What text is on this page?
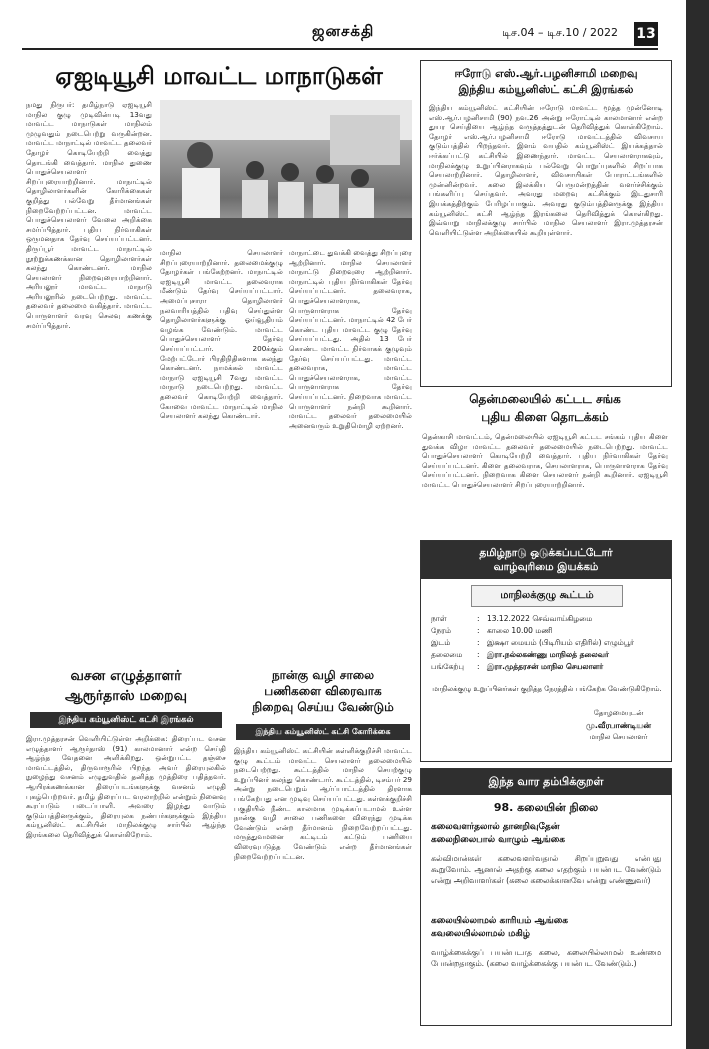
ஜனசக்தி	டிச.04 – டிச.10 / 2022 13
ஏஐடியூசி மாவட்ட மாநாடுகள்
நமது நிருபர்: தமிழ்நாடு ஏஐடியூசி மாநில குழு முடிவின்படி 13வது மாவட்ட மாநாடுகள் மாநிலம் முழுவதும் நடைபெற்று வருகின்றன. மாவட்ட மாநாட்டில் மாவட்ட தலைவர் தோழர் கொடியேற்றி வைத்து தொடங்கி வைத்தார். மாநில துணை பொதுச்செயலாளர் சிறப்புரையாற்றினார். மாநாட்டில் தொழிலாளர்களின் கோரிக்கைகள் குறித்து பல்வேறு தீர்மானங்கள் நிறைவேற்றப்பட்டன. மாவட்ட பொதுச்செயலாளர் வேலை அறிக்கை சமர்ப்பித்தார். புதிய நிர்வாகிகள் ஒருமனதாக தேர்வு செய்யப்பட்டனர். திருப்பூர் மாவட்ட மாநாட்டில் நூற்றுக்கணக்கான தொழிலாளர்கள் கலந்து கொண்டனர். மாநில செயலாளர் நிறைவுரையாற்றினார். அரியலூர் மாவட்ட மாநாடு அரியலூரில் நடைபெற்றது. மாவட்ட தலைவர் தலைமை வகித்தார். மாவட்ட பொருளாளர் வரவு செலவு கணக்கு சமர்ப்பித்தார்.
மாநில செயலாளர் சிறப்புரையாற்றினார். தலைமைக்குழு தோழர்கள் பங்கேற்றனர். மாநாட்டில் ஏஐடியூசி மாவட்ட தலைவராக மீண்டும் தேர்வு செய்யப்பட்டார். அமைப்புசாரா தொழிலாளர் நலவாரியத்தில் பதிவு செய்துள்ள தொழிலாளர்களுக்கு ஓய்வூதியம் வழங்க வேண்டும். மாவட்ட பொதுச்செயலாளர் தேர்வு செய்யப்பட்டார். 200க்கும் மேற்பட்டோர் பிரதிநிதிகளாக கலந்து கொண்டனர். நாமக்கல் மாவட்ட மாநாடு ஏஐடியூசி 7வது மாவட்ட மாநாடு நடைபெற்றது. மாவட்ட தலைவர் கொடியேற்றி வைத்தார். கோவை மாவட்ட மாநாட்டில் மாநில செயலாளர் கலந்து கொண்டார்.
மாநாட்டை துவக்கி வைத்து சிறப்புரை ஆற்றினார். மாநில செயலாளர் மாநாட்டு நிறைவுரை ஆற்றினார். மாநாட்டில் புதிய நிர்வாகிகள் தேர்வு செய்யப்பட்டனர். தலைவராக, பொதுச்செயலாளராக, பொருளாளராக தேர்வு செய்யப்பட்டனர். மாநாட்டில் 42 பேர் கொண்ட புதிய மாவட்ட குழு தேர்வு செய்யப்பட்டது. அதில் 13 பேர் கொண்ட மாவட்ட நிர்வாகக் குழுவும் தேர்வு செய்யப்பட்டது. மாவட்ட தலைவராக, மாவட்ட பொதுச்செயலாளராக, மாவட்ட பொருளாளராக தேர்வு செய்யப்பட்டனர். நிறைவாக மாவட்ட பொருளாளர் நன்றி கூறினார். மாவட்ட தலைவர் தலைமையில் அனைவரும் உறுதிமொழி ஏற்றனர்.
ஈரோடு எஸ்.ஆர்.பழனிசாமி மறைவு
இந்திய கம்யூனிஸ்ட் கட்சி இரங்கல்
இந்திய கம்யூனிஸ்ட் கட்சியின் ஈரோடு மாவட்ட மூத்த முன்னோடி எஸ்.ஆர்.பழனிசாமி (90) நவ.26 அன்று ஈரோட்டில் காலமானார் என்ற துயர செய்தியை ஆழ்ந்த வருத்தத்துடன் தெரிவித்துக் கொள்கிறோம். தோழர் எஸ்.ஆர்.பழனிசாமி ஈரோடு மாவட்டத்தில் விவசாய குடும்பத்தில் பிறந்தவர். இளம் வயதில் கம்யூனிஸ்ட் இயக்கத்தால் ஈர்க்கப்பட்டு கட்சியில் இணைந்தார். மாவட்ட செயலாளராகவும், மாநிலக்குழு உறுப்பினராகவும் பல்வேறு பொறுப்புகளில் சிறப்பாக செயலாற்றினார். தொழிலாளர், விவசாயிகள் போராட்டங்களில் முன்னின்றவர். கலை இலக்கிய பெருமன்றத்தின் வளர்ச்சிக்கும் பங்களிப்பு செய்தவர். அவரது மறைவு கட்சிக்கும் இடதுசாரி இயக்கத்திற்கும் பேரிழப்பாகும். அவரது குடும்பத்தினருக்கு இந்திய கம்யூனிஸ்ட் கட்சி ஆழ்ந்த இரங்கலை தெரிவித்துக் கொள்கிறது. இவ்வாறு மாநிலக்குழு சார்பில் மாநில செயலாளர் இரா.முத்தரசன் வெளியிட்டுள்ள அறிக்கையில் கூறியுள்ளார்.
தென்மலையில் கட்டட சங்க
புதிய கிளை தொடக்கம்
தென்காசி மாவட்டம், தென்மலையில் ஏஐடியூசி கட்டட சங்கம் புதிய கிளை துவக்க விழா மாவட்ட தலைவர் தலைமையில் நடைபெற்றது. மாவட்ட பொதுச்செயலாளர் கொடியேற்றி வைத்தார். புதிய நிர்வாகிகள் தேர்வு செய்யப்பட்டனர். கிளை தலைவராக, செயலாளராக, பொருளாளராக தேர்வு செய்யப்பட்டனர். நிறைவாக கிளை செயலாளர் நன்றி கூறினார். ஏஐடியூசி மாவட்ட பொதுச்செயலாளர் சிறப்புரையாற்றினார்.
தமிழ்நாடு ஒடுக்கப்பட்டோர்
வாழ்வுரிமை இயக்கம்
மாநிலக்குழு கூட்டம்
நாள்	: 13.12.2022 செவ்வாய்கிழமை
நேரம்	: காலை 10.00 மணி
இடம்	: இக்ஷா மையம் (பிடிரியம் எதிரில்) எழும்பூர்
தலைமை	: இரா.நல்லகண்ணு மாநிலத் தலைவர்
பங்கேற்பு	: இரா.முத்தரசன் மாநில செயலாளர்
மாநிலக்குழு உறுப்பினர்கள் குறித்த நேரத்தில் பங்கேற்க வேண்டுகிறோம்.
தோழமையுடன்
மு.வீரபாண்டியன்
மாநில செயலாளர்
வசன எழுத்தாளர்
ஆரூர்தாஸ் மறைவு
இந்திய கம்யூனிஸ்ட் கட்சி இரங்கல்
இரா.முத்தரசன் வெளியிட்டுள்ள அறிக்கை: திரைப்பட வசன எழுத்தாளர் ஆரூர்தாஸ் (91) காலமானார் என்ற செய்தி ஆழ்ந்த வேதனை அளிக்கிறது. ஒன்றுபட்ட தஞ்சை மாவட்டத்தில், திருவாரூரில் பிறந்த அவர் திரையுலகில் நுழைந்து வசனம் எழுதுவதில் தனித்த முத்திரை பதித்தவர். ஆயிரக்கணக்கான திரைப்படங்களுக்கு வசனம் எழுதி புகழ்பெற்றவர். தமிழ் திரைப்பட வரலாற்றில் என்றும் நினைவு கூரப்படும் படைப்பாளி. அவரை இழந்து வாடும் குடும்பத்தினருக்கும், திரையுலக நண்பர்களுக்கும் இந்திய கம்யூனிஸ்ட் கட்சியின் மாநிலக்குழு சார்பில் ஆழ்ந்த இரங்கலை தெரிவித்துக் கொள்கிறோம்.
நான்கு வழி சாலை
பணிகளை விரைவாக
நிறைவு செய்ய வேண்டும்
இந்திய கம்யூனிஸ்ட் கட்சி கோரிக்கை
இந்திய கம்யூனிஸ்ட் கட்சியின் கள்ளிக்குறிச்சி மாவட்ட குழு கூட்டம் மாவட்ட செயலாளர் தலைமையில் நடைபெற்றது. கூட்டத்தில் மாநில செயற்குழு உறுப்பினர் கலந்து கொண்டார். கூட்டத்தில், டிசம்பர் 29 அன்று நடைபெறும் ஆர்ப்பாட்டத்தில் திரளாக பங்கேற்பது என முடிவு செய்யப்பட்டது. கள்ளக்குறிச்சி பகுதியில் நீண்ட காலமாக முடிக்கப்படாமல் உள்ள நான்கு வழி சாலை பணிகளை விரைந்து முடிக்க வேண்டும் என்ற தீர்மானம் நிறைவேற்றப்பட்டது. மருத்துவமனை கட்டிடம் கட்டும் பணியை விரைவுபடுத்த வேண்டும் என்ற தீர்மானங்கள் நிறைவேற்றப்பட்டன.
இந்த வார தம்பிக்குறள்
98. கலையின் நிலை
கலைவளர்தலால் தானறிவுதேன்
கலைநிலைபால் வாழும் ஆங்கை
கல்விமான்கள் கலைவளர்வதால் சிறப்புறுவது என்பது கூறுவோம். ஆனால் அதற்கு கலை எதற்கும் பயன்பட வேண்டும் என்று அறிவாளர்கள் (கலை கலைக்கானவே என்று எண்ணுவர்)
கலையில்லாமல் காரியம் ஆங்கை
கவலையில்லாமல் மகிழ்
வாழ்க்கைக்குப் பயன்படாத கலை, கலையில்லாமல் உண்மை போன்றதாகும். (கலை வாழ்க்கைக்கு பயன்பட வேண்டும்.)
